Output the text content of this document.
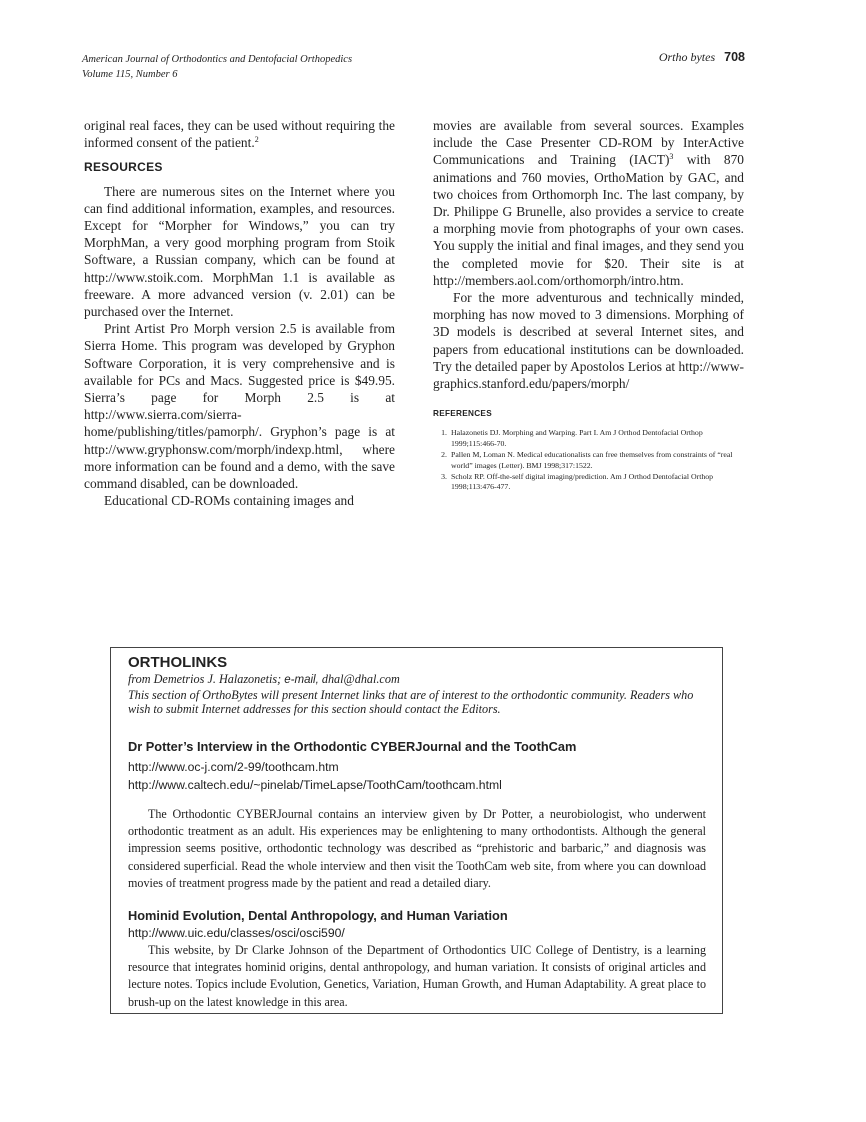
American Journal of Orthodontics and Dentofacial Orthopedics
Volume 115, Number 6
Ortho bytes 708

original real faces, they can be used without requiring the informed consent of the patient.$^2$

RESOURCES

There are numerous sites on the Internet where you can find additional information, examples, and resources. Except for “Morpher for Windows,” you can try MorphMan, a very good morphing program from Stoik Software, a Russian company, which can be found at http://www.stoik.com. MorphMan 1.1 is available as freeware. A more advanced version (v. 2.01) can be purchased over the Internet.

Print Artist Pro Morph version 2.5 is available from Sierra Home. This program was developed by Gryphon Software Corporation, it is very comprehensive and is available for PCs and Macs. Suggested price is $49.95. Sierra’s page for Morph 2.5 is at http://www.sierra.com/sierra-home/publishing/titles/pamorph/. Gryphon’s page is at http://www.gryphonsw.com/morph/indexp.html, where more information can be found and a demo, with the save command disabled, can be downloaded.

Educational CD-ROMs containing images and

movies are available from several sources. Examples include the Case Presenter CD-ROM by InterActive Communications and Training (IACT)$^3$ with 870 animations and 760 movies, OrthoMation by GAC, and two choices from Orthomorph Inc. The last company, by Dr. Philippe G Brunelle, also provides a service to create a morphing movie from photographs of your own cases. You supply the initial and final images, and they send you the completed movie for $20. Their site is at http://members.aol.com/orthomorph/intro.htm.

For the more adventurous and technically minded, morphing has now moved to 3 dimensions. Morphing of 3D models is described at several Internet sites, and papers from educational institutions can be downloaded. Try the detailed paper by Apostolos Lerios at http://www-graphics.stanford.edu/papers/morph/

REFERENCES
1. Halazonetis DJ. Morphing and Warping. Part I. Am J Orthod Dentofacial Orthop 1999;115:466-70.
2. Pallen M, Loman N. Medical educationalists can free themselves from constraints of “real world” images (Letter). BMJ 1998;317:1522.
3. Scholz RP. Off-the-self digital imaging/prediction. Am J Orthod Dentofacial Orthop 1998;113:476-477.
ORTHOLINKS
from Demetrios J. Halazonetis; e-mail, dhal@dhal.com
This section of OrthoBytes will present Internet links that are of interest to the orthodontic community. Readers who wish to submit Internet addresses for this section should contact the Editors.
Dr Potter’s Interview in the Orthodontic CYBERJournal and the ToothCam
http://www.oc-j.com/2-99/toothcam.htm
http://www.caltech.edu/~pinelab/TimeLapse/ToothCam/toothcam.html
The Orthodontic CYBERJournal contains an interview given by Dr Potter, a neurobiologist, who underwent orthodontic treatment as an adult. His experiences may be enlightening to many orthodontists. Although the general impression seems positive, orthodontic technology was described as “prehistoric and barbaric,” and diagnosis was considered superficial. Read the whole interview and then visit the ToothCam web site, from where you can download movies of treatment progress made by the patient and read a detailed diary.
Hominid Evolution, Dental Anthropology, and Human Variation
http://www.uic.edu/classes/osci/osci590/
This website, by Dr Clarke Johnson of the Department of Orthodontics UIC College of Dentistry, is a learning resource that integrates hominid origins, dental anthropology, and human variation. It consists of original articles and lecture notes. Topics include Evolution, Genetics, Variation, Human Growth, and Human Adaptability. A great place to brush-up on the latest knowledge in this area.
